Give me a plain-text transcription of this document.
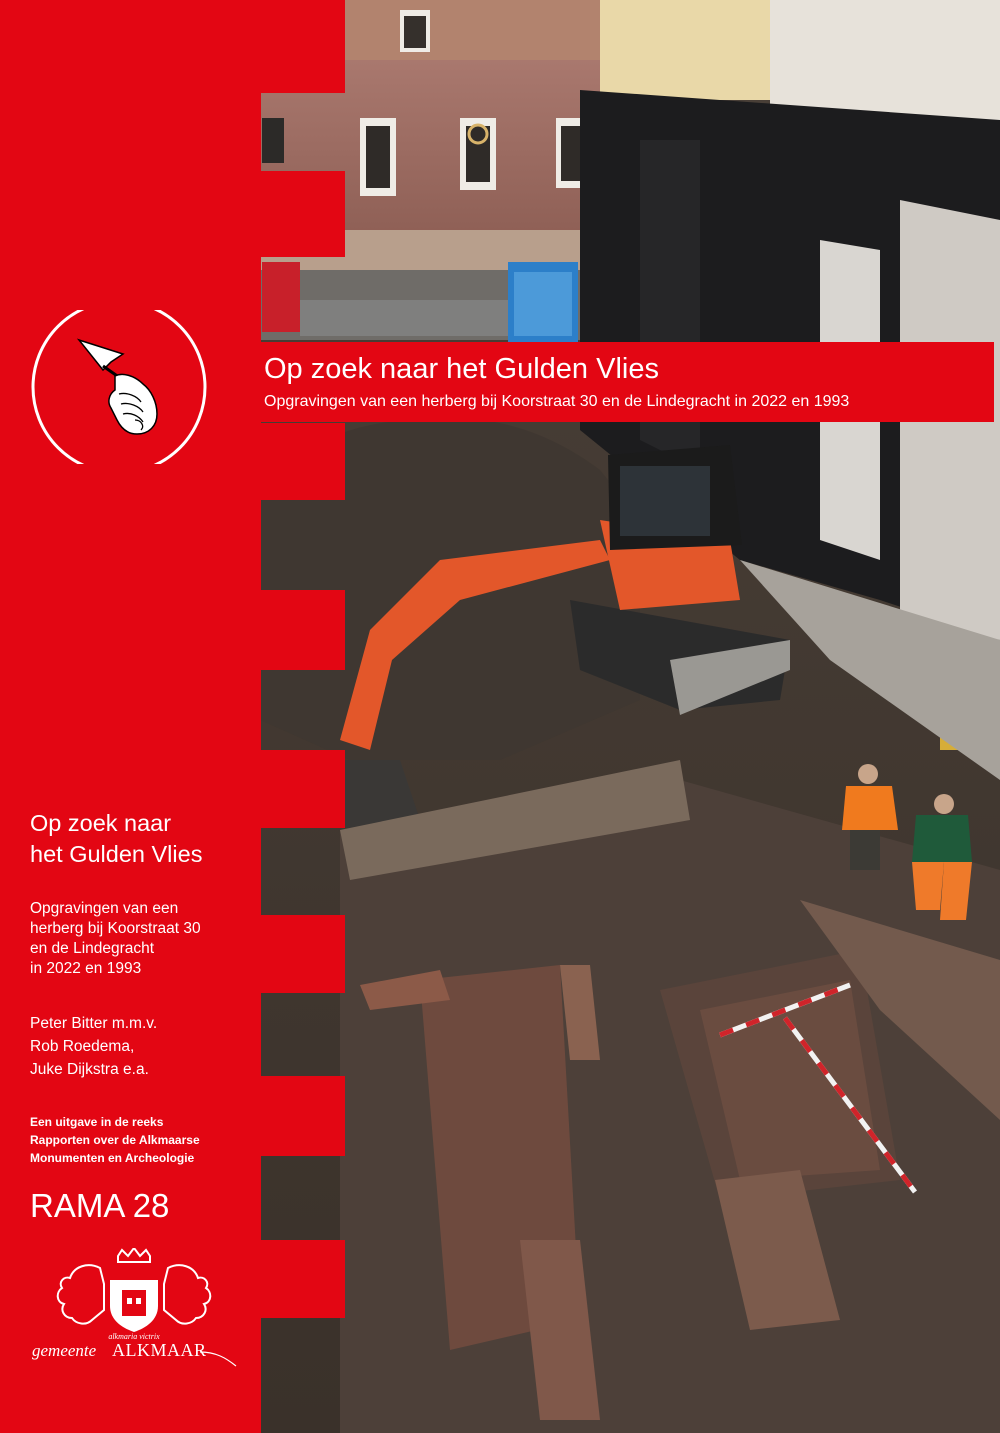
Op zoek naar het Gulden Vlies
Opgravingen van een herberg bij Koorstraat 30 en de Lindegracht in 2022 en 1993
Op zoek naar
het Gulden Vlies
Opgravingen van een
herberg bij Koorstraat 30
en de Lindegracht
in 2022 en 1993
Peter Bitter m.m.v.
Rob Roedema,
Juke Dijkstra e.a.
Een uitgave in de reeks
Rapporten over de Alkmaarse
Monumenten en Archeologie
RAMA 28
alkmaria victrix
gemeente ALKMAAR
